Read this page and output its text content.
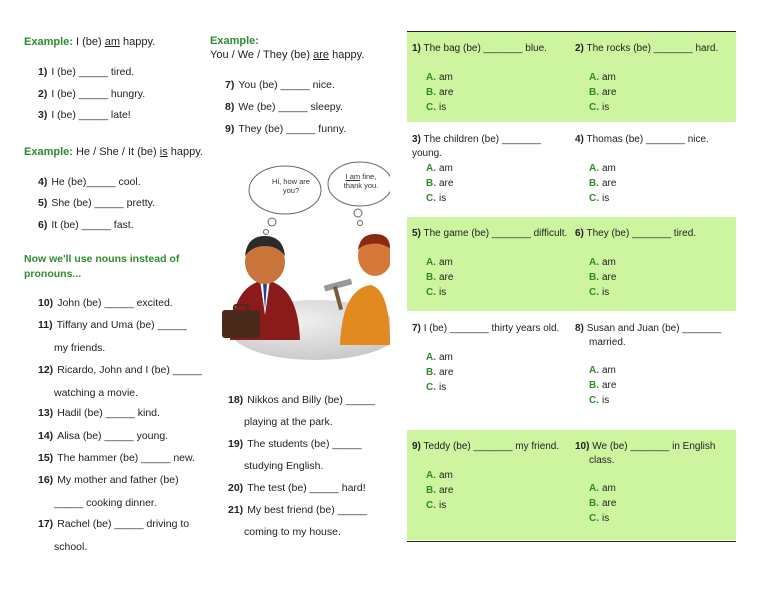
Example: I (be) am happy.
1) I (be) _____ tired.
2) I (be) _____ hungry.
3) I (be) _____ late!
Example: He / She / It (be) is happy.
4) He (be)_____ cool.
5) She (be) _____ pretty.
6) It (be) _____ fast.
Now we'll use nouns instead of
pronouns...
10) John (be) _____ excited.
11) Tiffany and Uma (be) _____
my friends.
12) Ricardo, John and I (be) _____
watching a movie.
13) Hadil (be) _____ kind.
14) Alisa (be) _____ young.
15) The hammer (be) _____ new.
16) My mother and father (be)
_____ cooking dinner.
17) Rachel (be) _____ driving to
school.
Example:
You / We / They (be) are happy.
7) You (be) _____ nice.
8) We (be) _____ sleepy.
9) They (be) _____ funny.
Hi, how are you?
I am fine, thank you.
18) Nikkos and Billy (be) _____
playing at the park.
19) The students (be) _____
studying English.
20) The test (be) _____ hard!
21) My best friend (be) _____
coming to my house.
1) The bag (be) _______ blue.
A. am
B. are
C. is
2) The rocks (be) _______ hard.
A. am
B. are
C. is
3) The children (be) _______ young.
A. am
B. are
C. is
4) Thomas (be) _______ nice.
A. am
B. are
C. is
5) The game (be) _______ difficult.
A. am
B. are
C. is
6) They (be) _______ tired.
A. am
B. are
C. is
7) I (be) _______ thirty years old.
A. am
B. are
C. is
8) Susan and Juan (be) _______
married.
A. am
B. are
C. is
9) Teddy (be) _______ my friend.
A. am
B. are
C. is
10) We (be) _______ in English
class.
A. am
B. are
C. is
